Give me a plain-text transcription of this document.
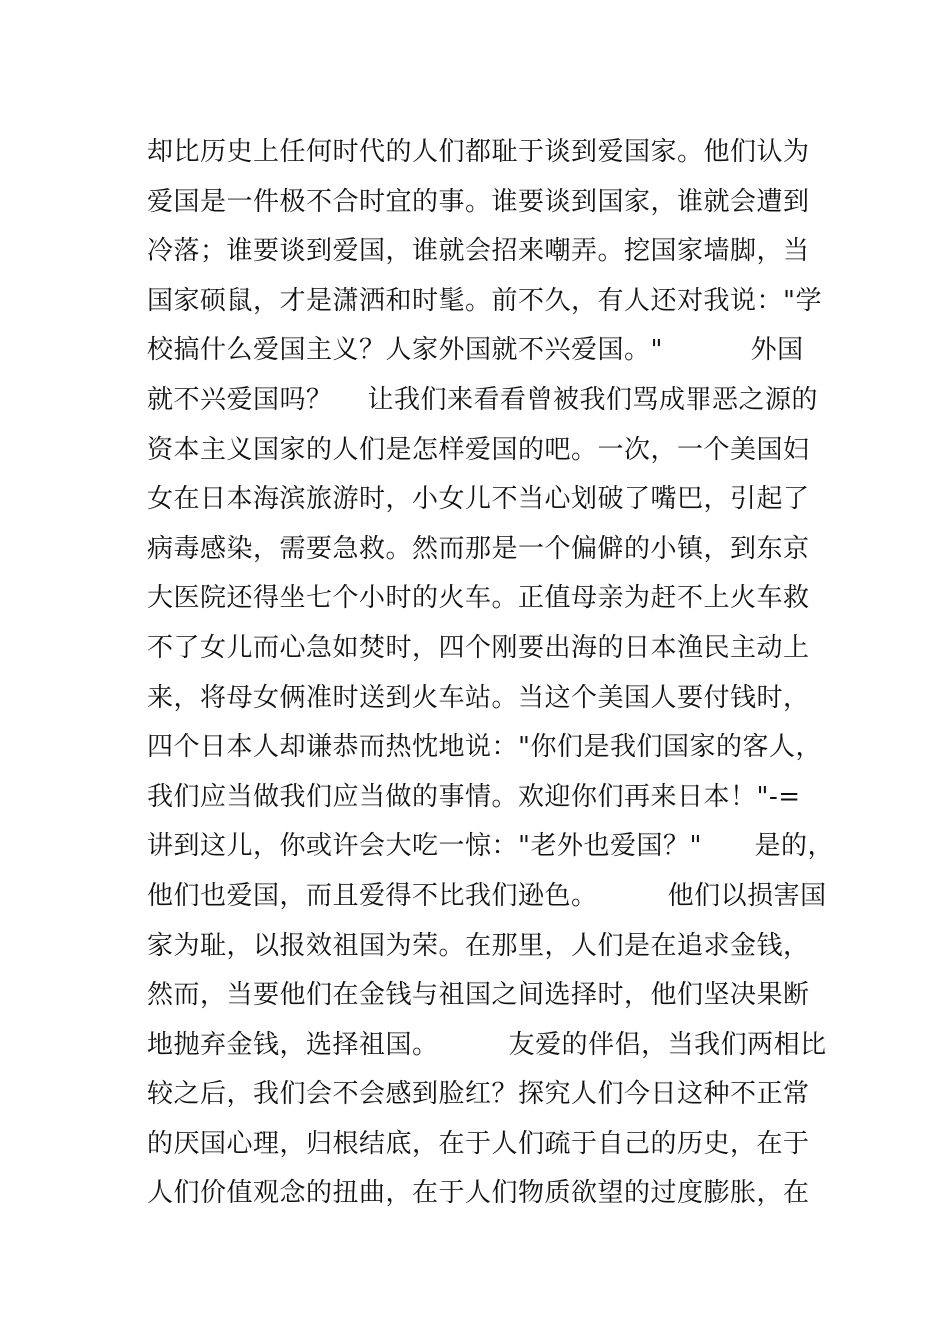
却比历史上任何时代的人们都耻于谈到爱国家。他们认为
爱国是一件极不合时宜的事。谁要谈到国家，谁就会遭到
冷落；谁要谈到爱国，谁就会招来嘲弄。挖国家墙脚，当
国家硕鼠，才是潇洒和时髦。前不久，有人还对我说："学
校搞什么爱国主义？人家外国就不兴爱国。"          外国
就不兴爱国吗？    让我们来看看曾被我们骂成罪恶之源的
资本主义国家的人们是怎样爱国的吧。一次，一个美国妇
女在日本海滨旅游时，小女儿不当心划破了嘴巴，引起了
病毒感染，需要急救。然而那是一个偏僻的小镇，到东京
大医院还得坐七个小时的火车。正值母亲为赶不上火车救
不了女儿而心急如焚时，四个刚要出海的日本渔民主动上
来，将母女俩准时送到火车站。当这个美国人要付钱时，
四个日本人却谦恭而热忱地说："你们是我们国家的客人，
我们应当做我们应当做的事情。欢迎你们再来日本！"-=
讲到这儿，你或许会大吃一惊："老外也爱国？"      是的，
他们也爱国，而且爱得不比我们逊色。        他们以损害国
家为耻，以报效祖国为荣。在那里，人们是在追求金钱，
然而，当要他们在金钱与祖国之间选择时，他们坚决果断
地抛弃金钱，选择祖国。        友爱的伴侣，当我们两相比
较之后，我们会不会感到脸红？探究人们今日这种不正常
的厌国心理，归根结底，在于人们疏于自己的历史，在于
人们价值观念的扭曲，在于人们物质欲望的过度膨胀，在
